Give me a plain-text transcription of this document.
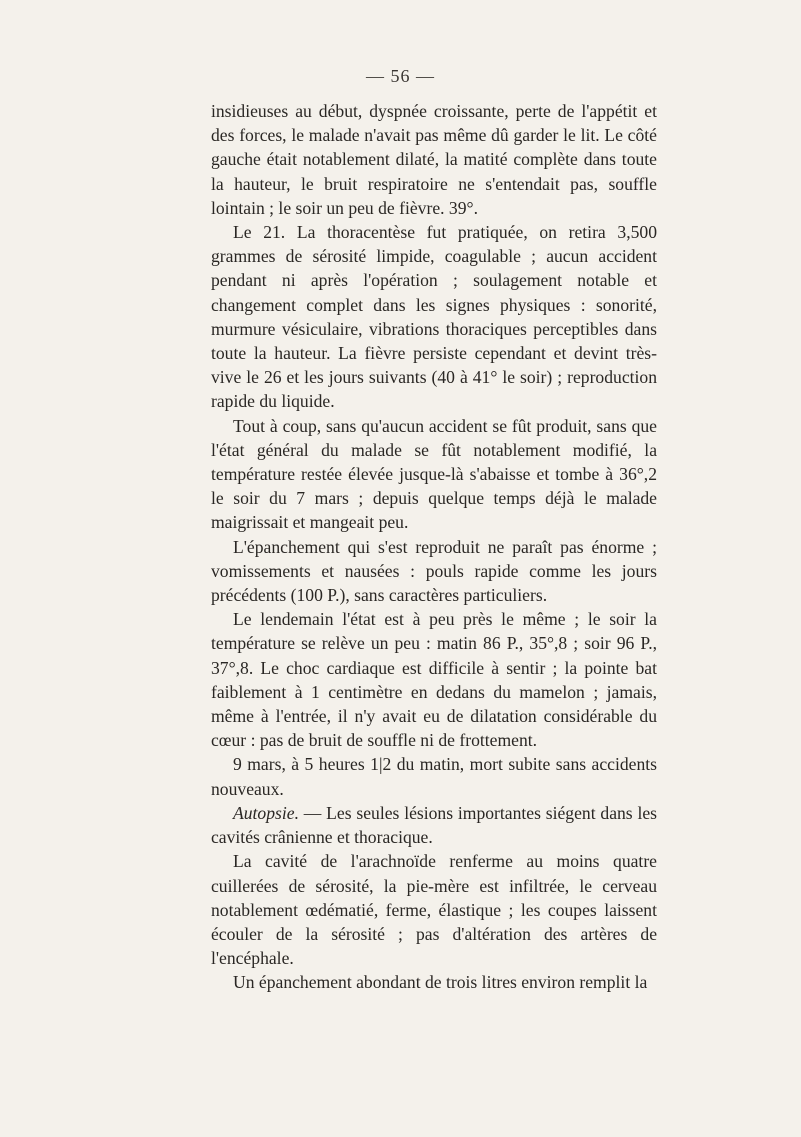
— 56 —

insidieuses au début, dyspnée croissante, perte de l'appétit et des forces, le malade n'avait pas même dû garder le lit. Le côté gauche était notablement dilaté, la matité complète dans toute la hauteur, le bruit respiratoire ne s'entendait pas, souffle lointain ; le soir un peu de fièvre. 39°.

Le 21. La thoracentèse fut pratiquée, on retira 3,500 grammes de sérosité limpide, coagulable ; aucun accident pendant ni après l'opération ; soulagement notable et changement complet dans les signes physiques : sonorité, murmure vésiculaire, vibrations thoraciques perceptibles dans toute la hauteur. La fièvre persiste cependant et devint très-vive le 26 et les jours suivants (40 à 41° le soir) ; reproduction rapide du liquide.

Tout à coup, sans qu'aucun accident se fût produit, sans que l'état général du malade se fût notablement modifié, la température restée élevée jusque-là s'abaisse et tombe à 36°,2 le soir du 7 mars ; depuis quelque temps déjà le malade maigrissait et mangeait peu.

L'épanchement qui s'est reproduit ne paraît pas énorme ; vomissements et nausées : pouls rapide comme les jours précédents (100 P.), sans caractères particuliers.

Le lendemain l'état est à peu près le même ; le soir la température se relève un peu : matin 86 P., 35°,8 ; soir 96 P., 37°,8. Le choc cardiaque est difficile à sentir ; la pointe bat faiblement à 1 centimètre en dedans du mamelon ; jamais, même à l'entrée, il n'y avait eu de dilatation considérable du cœur : pas de bruit de souffle ni de frottement.

9 mars, à 5 heures 1|2 du matin, mort subite sans accidents nouveaux.

Autopsie. — Les seules lésions importantes siégent dans les cavités crânienne et thoracique.

La cavité de l'arachnoïde renferme au moins quatre cuillerées de sérosité, la pie-mère est infiltrée, le cerveau notablement œdématié, ferme, élastique ; les coupes laissent écouler de la sérosité ; pas d'altération des artères de l'encéphale.

Un épanchement abondant de trois litres environ remplit la
